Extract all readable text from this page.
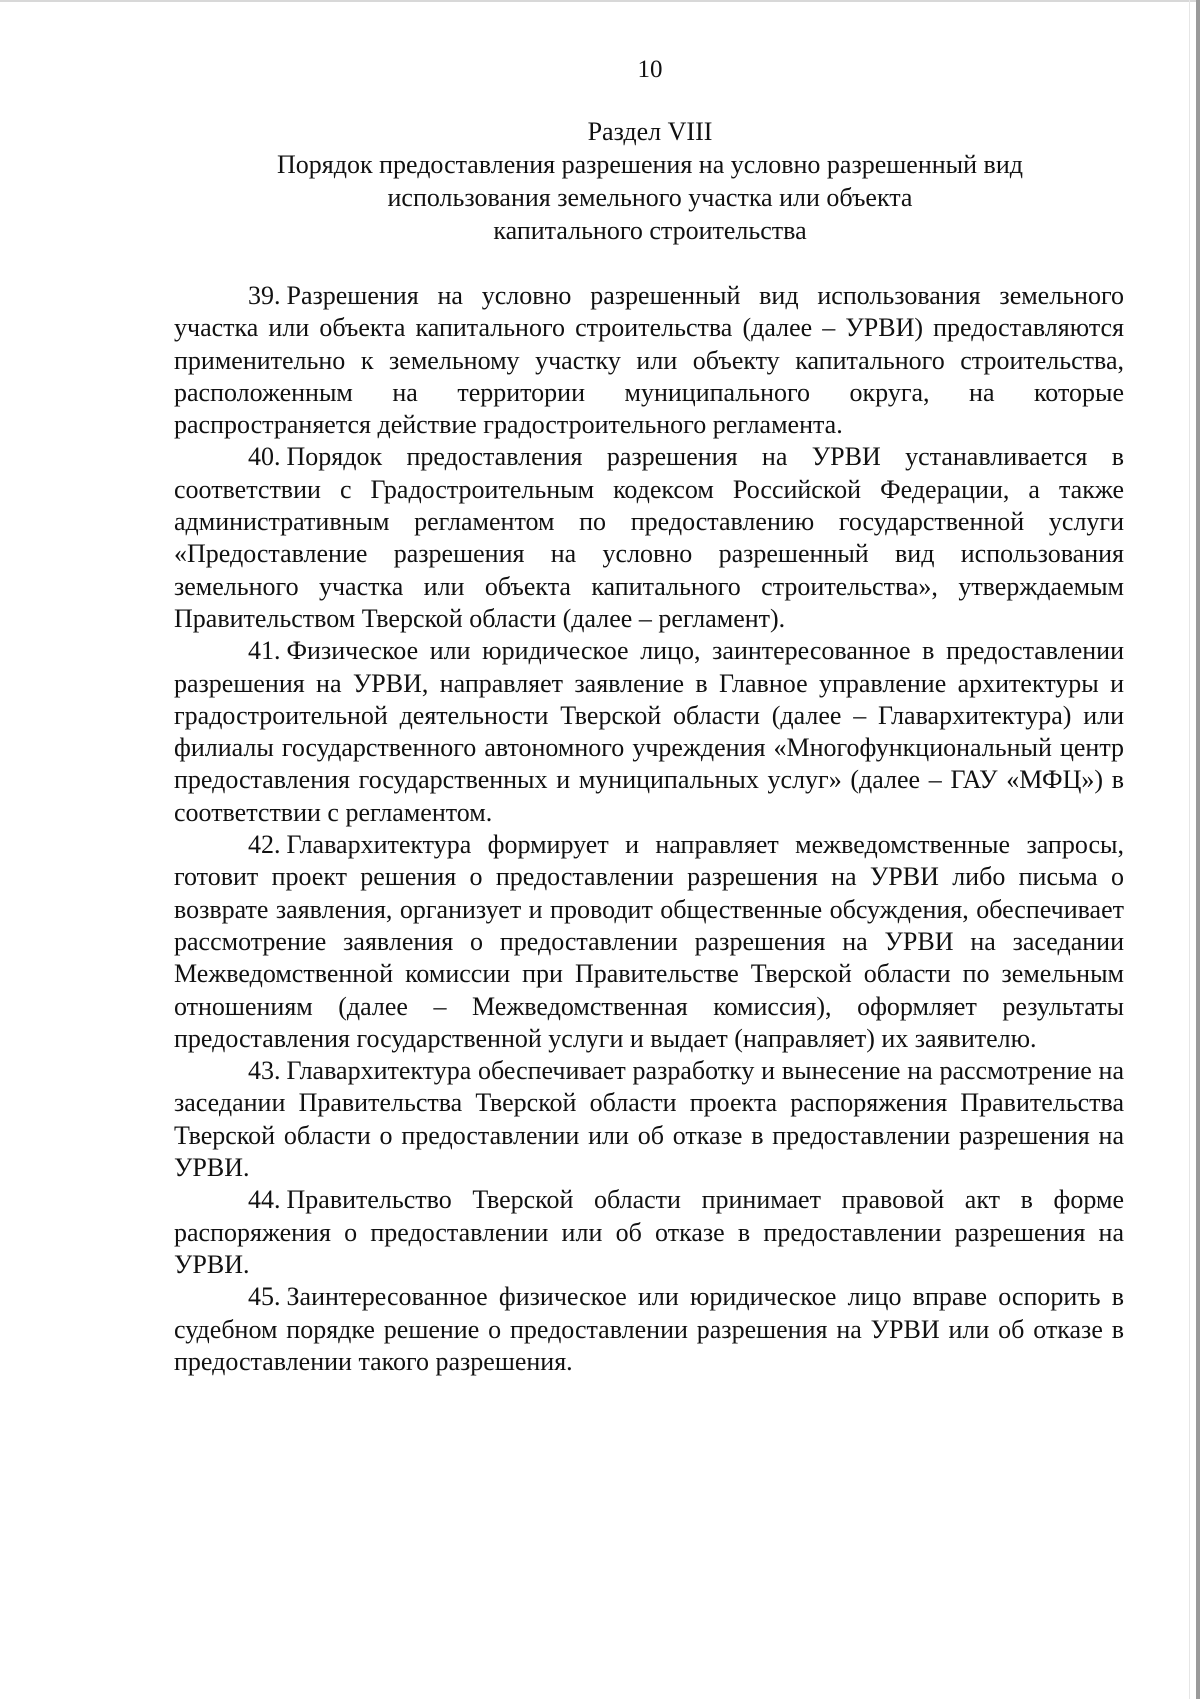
10
Раздел VIII
Порядок предоставления разрешения на условно разрешенный вид
использования земельного участка или объекта
капитального строительства

39. Разрешения на условно разрешенный вид использования земельного участка или объекта капитального строительства (далее – УРВИ) предоставляются применительно к земельному участку или объекту капитального строительства, расположенным на территории муниципального округа, на которые распространяется действие градостроительного регламента.

40. Порядок предоставления разрешения на УРВИ устанавливается в соответствии с Градостроительным кодексом Российской Федерации, а также административным регламентом по предоставлению государственной услуги «Предоставление разрешения на условно разрешенный вид использования земельного участка или объекта капитального строительства», утверждаемым Правительством Тверской области (далее – регламент).

41. Физическое или юридическое лицо, заинтересованное в предоставлении разрешения на УРВИ, направляет заявление в Главное управление архитектуры и градостроительной деятельности Тверской области (далее – Главархитектура) или филиалы государственного автономного учреждения «Многофункциональный центр предоставления государственных и муниципальных услуг» (далее – ГАУ «МФЦ») в соответствии с регламентом.

42. Главархитектура формирует и направляет межведомственные запросы, готовит проект решения о предоставлении разрешения на УРВИ либо письма о возврате заявления, организует и проводит общественные обсуждения, обеспечивает рассмотрение заявления о предоставлении разрешения на УРВИ на заседании Межведомственной комиссии при Правительстве Тверской области по земельным отношениям (далее – Межведомственная комиссия), оформляет результаты предоставления государственной услуги и выдает (направляет) их заявителю.

43. Главархитектура обеспечивает разработку и вынесение на рассмотрение на заседании Правительства Тверской области проекта распоряжения Правительства Тверской области о предоставлении или об отказе в предоставлении разрешения на УРВИ.

44. Правительство Тверской области принимает правовой акт в форме распоряжения о предоставлении или об отказе в предоставлении разрешения на УРВИ.

45. Заинтересованное физическое или юридическое лицо вправе оспорить в судебном порядке решение о предоставлении разрешения на УРВИ или об отказе в предоставлении такого разрешения.
